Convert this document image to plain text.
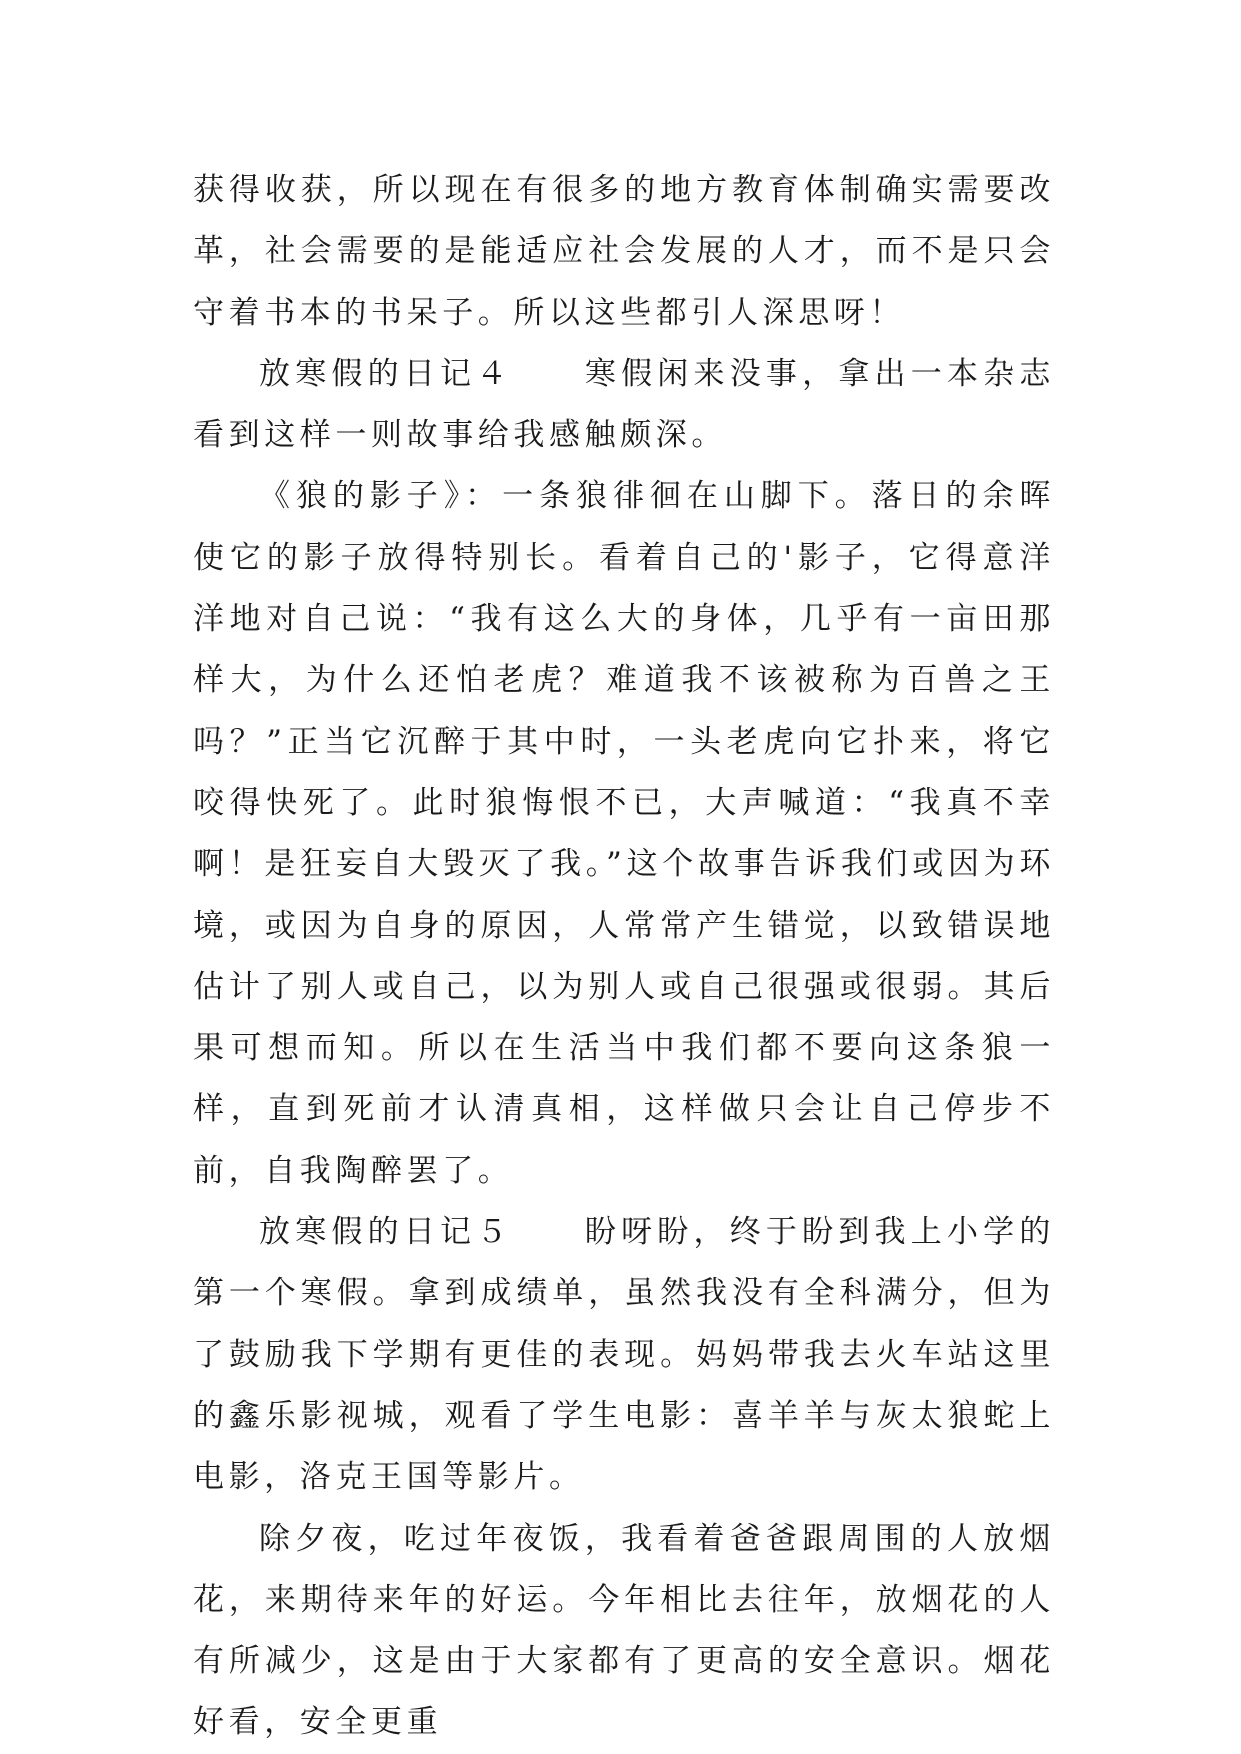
获得收获，所以现在有很多的地方教育体制确实需要改革，社会需要的是能适应社会发展的人才，而不是只会守着书本的书呆子。所以这些都引人深思呀！

放寒假的日记４　　寒假闲来没事，拿出一本杂志看到这样一则故事给我感触颇深。

《狼的影子》：一条狼徘徊在山脚下。落日的余晖使它的影子放得特别长。看着自己的'影子，它得意洋洋地对自己说：“我有这么大的身体，几乎有一亩田那样大，为什么还怕老虎？难道我不该被称为百兽之王吗？”正当它沉醉于其中时，一头老虎向它扑来，将它咬得快死了。此时狼悔恨不已，大声喊道：“我真不幸啊！是狂妄自大毁灭了我。”这个故事告诉我们或因为环境，或因为自身的原因，人常常产生错觉，以致错误地估计了别人或自己，以为别人或自己很强或很弱。其后果可想而知。所以在生活当中我们都不要向这条狼一样，直到死前才认清真相，这样做只会让自己停步不前，自我陶醉罢了。

放寒假的日记５　　盼呀盼，终于盼到我上小学的第一个寒假。拿到成绩单，虽然我没有全科满分，但为了鼓励我下学期有更佳的表现。妈妈带我去火车站这里的鑫乐影视城，观看了学生电影：喜羊羊与灰太狼蛇上电影，洛克王国等影片。

除夕夜，吃过年夜饭，我看着爸爸跟周围的人放烟花，来期待来年的好运。今年相比去往年，放烟花的人有所减少，这是由于大家都有了更高的安全意识。烟花好看，安全更重
